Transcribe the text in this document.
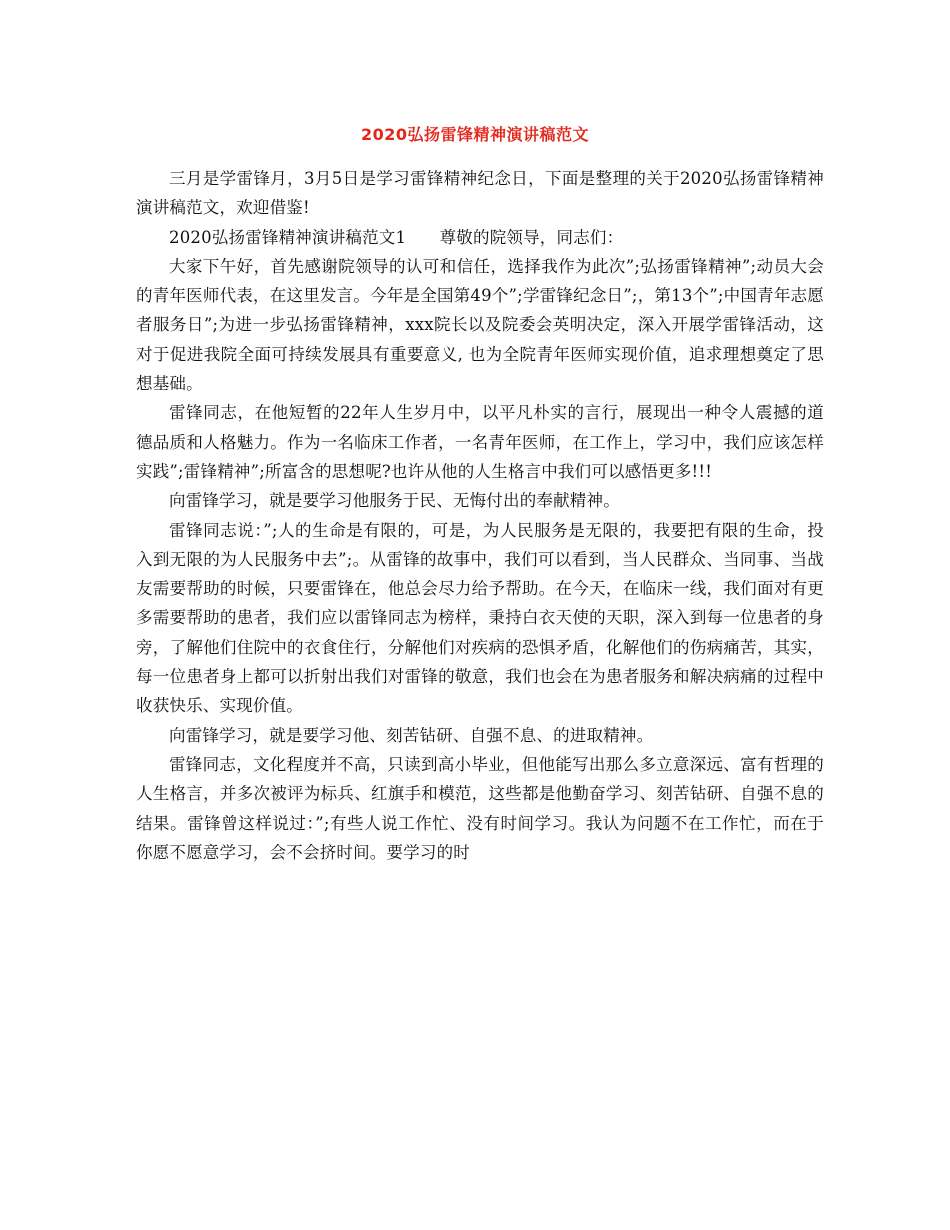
2020弘扬雷锋精神演讲稿范文

三月是学雷锋月，3月5日是学习雷锋精神纪念日，下面是整理的关于2020弘扬雷锋精神演讲稿范文，欢迎借鉴!

2020弘扬雷锋精神演讲稿范文1　　尊敬的院领导，同志们：

大家下午好，首先感谢院领导的认可和信任，选择我作为此次”;弘扬雷锋精神”;动员大会的青年医师代表，在这里发言。今年是全国第49个”;学雷锋纪念日”;，第13个”;中国青年志愿者服务日”;为进一步弘扬雷锋精神，xxx院长以及院委会英明决定，深入开展学雷锋活动，这对于促进我院全面可持续发展具有重要意义, 也为全院青年医师实现价值，追求理想奠定了思想基础。

雷锋同志，在他短暂的22年人生岁月中，以平凡朴实的言行，展现出一种令人震撼的道德品质和人格魅力。作为一名临床工作者，一名青年医师，在工作上，学习中，我们应该怎样实践”;雷锋精神”;所富含的思想呢?也许从他的人生格言中我们可以感悟更多!!!

向雷锋学习，就是要学习他服务于民、无悔付出的奉献精神。

雷锋同志说：”;人的生命是有限的，可是，为人民服务是无限的，我要把有限的生命，投入到无限的为人民服务中去”;。从雷锋的故事中，我们可以看到，当人民群众、当同事、当战友需要帮助的时候，只要雷锋在，他总会尽力给予帮助。在今天，在临床一线，我们面对有更多需要帮助的患者，我们应以雷锋同志为榜样，秉持白衣天使的天职，深入到每一位患者的身旁，了解他们住院中的衣食住行，分解他们对疾病的恐惧矛盾，化解他们的伤病痛苦，其实，每一位患者身上都可以折射出我们对雷锋的敬意，我们也会在为患者服务和解决病痛的过程中收获快乐、实现价值。

向雷锋学习，就是要学习他、刻苦钻研、自强不息、的进取精神。

雷锋同志，文化程度并不高，只读到高小毕业，但他能写出那么多立意深远、富有哲理的人生格言，并多次被评为标兵、红旗手和模范，这些都是他勤奋学习、刻苦钻研、自强不息的结果。雷锋曾这样说过：”;有些人说工作忙、没有时间学习。我认为问题不在工作忙，而在于你愿不愿意学习，会不会挤时间。要学习的时
